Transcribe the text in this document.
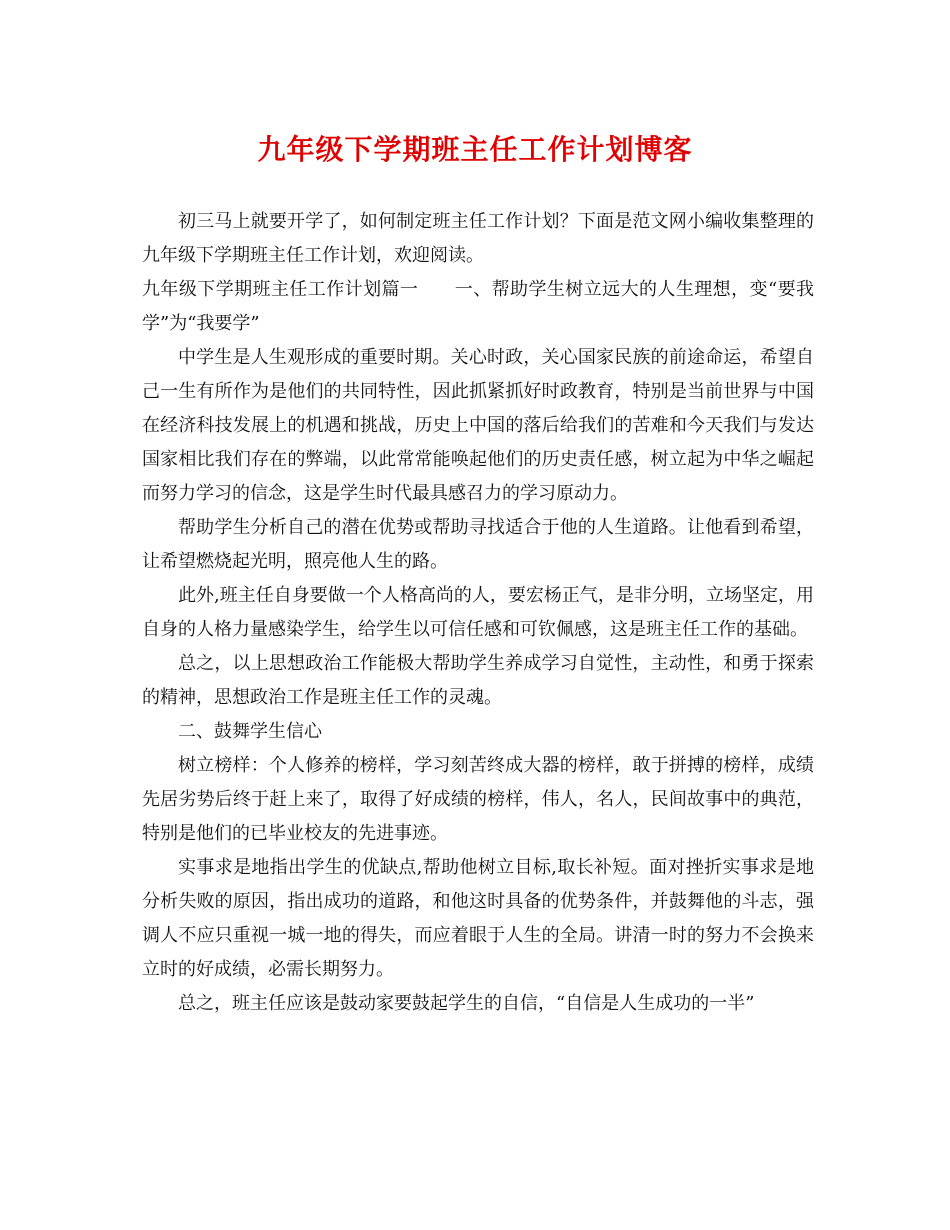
九年级下学期班主任工作计划博客

初三马上就要开学了，如何制定班主任工作计划？下面是范文网小编收集整理的九年级下学期班主任工作计划，欢迎阅读。

九年级下学期班主任工作计划篇一 一、帮助学生树立远大的人生理想，变“要我学”为“我要学”

中学生是人生观形成的重要时期。关心时政，关心国家民族的前途命运，希望自己一生有所作为是他们的共同特性，因此抓紧抓好时政教育，特别是当前世界与中国在经济科技发展上的机遇和挑战，历史上中国的落后给我们的苦难和今天我们与发达国家相比我们存在的弊端，以此常常能唤起他们的历史责任感，树立起为中华之崛起而努力学习的信念，这是学生时代最具感召力的学习原动力。

帮助学生分析自己的潜在优势或帮助寻找适合于他的人生道路。让他看到希望，让希望燃烧起光明，照亮他人生的路。

此外,班主任自身要做一个人格高尚的人，要宏杨正气，是非分明，立场坚定，用自身的人格力量感染学生，给学生以可信任感和可钦佩感，这是班主任工作的基础。

总之，以上思想政治工作能极大帮助学生养成学习自觉性，主动性，和勇于探索的精神，思想政治工作是班主任工作的灵魂。

二、鼓舞学生信心

树立榜样：个人修养的榜样，学习刻苦终成大器的榜样，敢于拼搏的榜样，成绩先居劣势后终于赶上来了，取得了好成绩的榜样，伟人，名人，民间故事中的典范，特别是他们的已毕业校友的先进事迹。

实事求是地指出学生的优缺点,帮助他树立目标,取长补短。面对挫折实事求是地分析失败的原因，指出成功的道路，和他这时具备的优势条件，并鼓舞他的斗志，强调人不应只重视一城一地的得失，而应着眼于人生的全局。讲清一时的努力不会换来立时的好成绩，必需长期努力。

总之，班主任应该是鼓动家要鼓起学生的自信，“自信是人生成功的一半”
